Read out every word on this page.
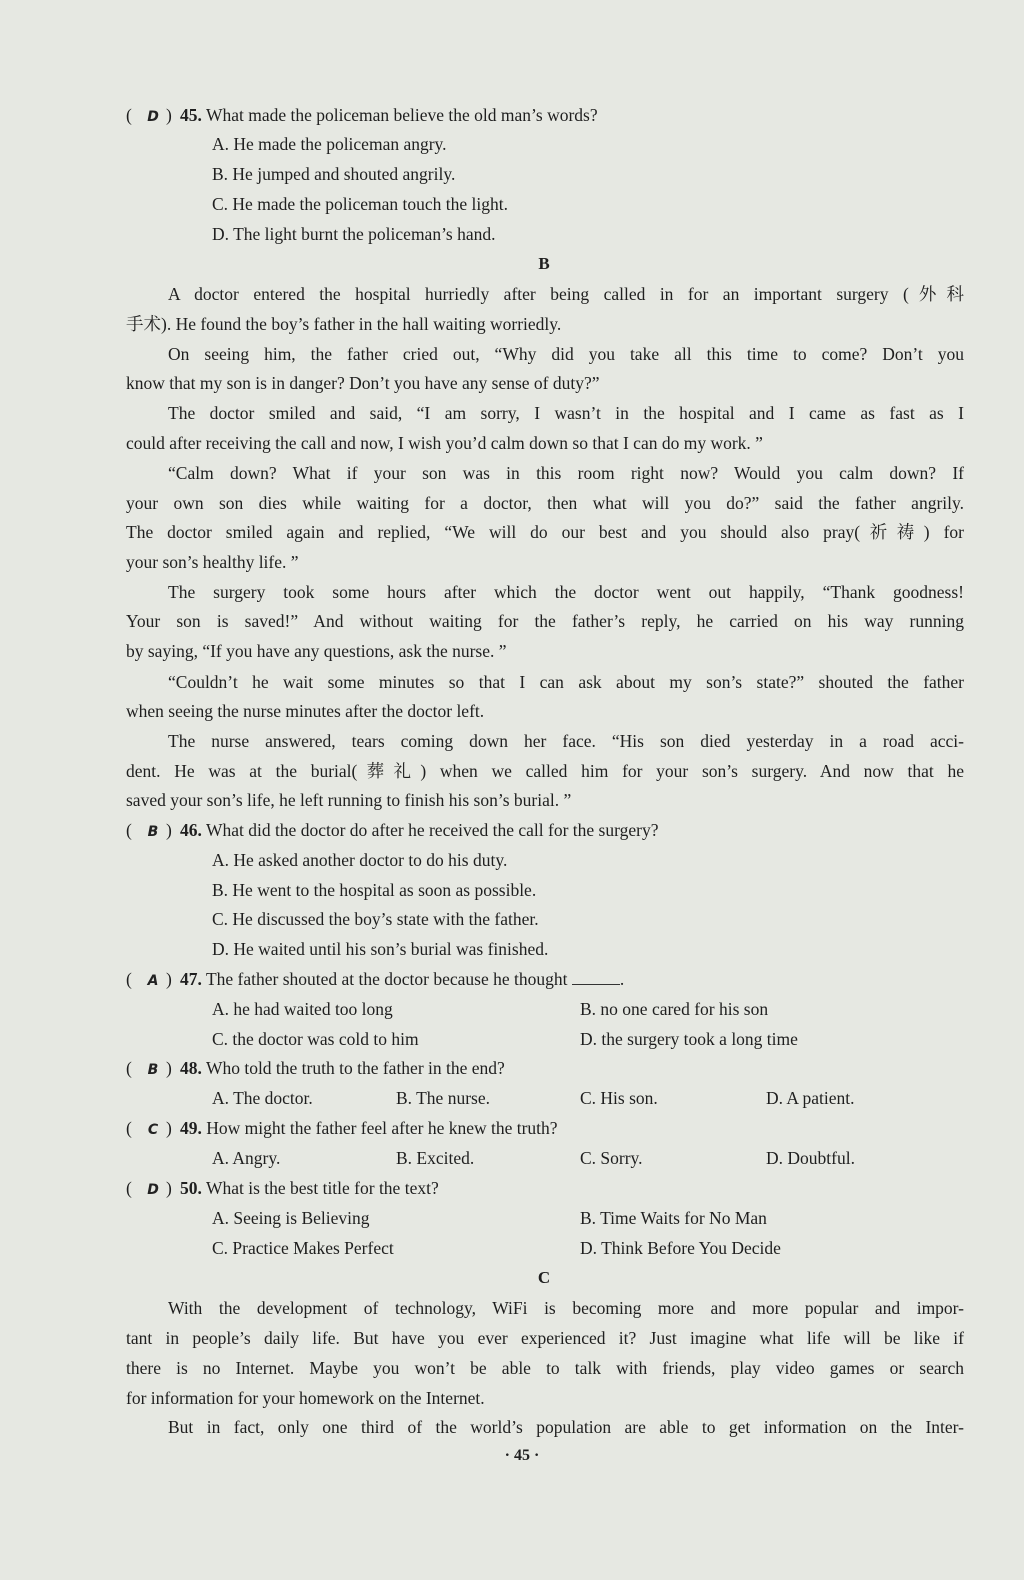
( D ) 45. What made the policeman believe the old man’s words?
A. He made the policeman angry.
B. He jumped and shouted angrily.
C. He made the policeman touch the light.
D. The light burnt the policeman’s hand.
B
A doctor entered the hospital hurriedly after being called in for an important surgery (外科
手术). He found the boy’s father in the hall waiting worriedly.
On seeing him, the father cried out, “Why did you take all this time to come? Don’t you
know that my son is in danger? Don’t you have any sense of duty?”
The doctor smiled and said, “I am sorry, I wasn’t in the hospital and I came as fast as I
could after receiving the call and now, I wish you’d calm down so that I can do my work. ”
“Calm down? What if your son was in this room right now? Would you calm down? If
your own son dies while waiting for a doctor, then what will you do?” said the father angrily.
The doctor smiled again and replied, “We will do our best and you should also pray(祈祷) for
your son’s healthy life. ”
The surgery took some hours after which the doctor went out happily, “Thank goodness!
Your son is saved!” And without waiting for the father’s reply, he carried on his way running
by saying, “If you have any questions, ask the nurse. ”
“Couldn’t he wait some minutes so that I can ask about my son’s state?” shouted the father
when seeing the nurse minutes after the doctor left.
The nurse answered, tears coming down her face. “His son died yesterday in a road acci-
dent. He was at the burial(葬礼) when we called him for your son’s surgery. And now that he
saved your son’s life, he left running to finish his son’s burial. ”
( B ) 46. What did the doctor do after he received the call for the surgery?
A. He asked another doctor to do his duty.
B. He went to the hospital as soon as possible.
C. He discussed the boy’s state with the father.
D. He waited until his son’s burial was finished.
( A ) 47. The father shouted at the doctor because he thought	.
A. he had waited too long	B. no one cared for his son
C. the doctor was cold to him	D. the surgery took a long time
( B ) 48. Who told the truth to the father in the end?
A. The doctor.	B. The nurse.	C. His son.	D. A patient.
( C ) 49. How might the father feel after he knew the truth?
A. Angry.	B. Excited.	C. Sorry.	D. Doubtful.
( D ) 50. What is the best title for the text?
A. Seeing is Believing	B. Time Waits for No Man
C. Practice Makes Perfect	D. Think Before You Decide
C
With the development of technology, WiFi is becoming more and more popular and impor-
tant in people’s daily life. But have you ever experienced it? Just imagine what life will be like if
there is no Internet. Maybe you won’t be able to talk with friends, play video games or search
for information for your homework on the Internet.
But in fact, only one third of the world’s population are able to get information on the Inter-
· 45 ·
